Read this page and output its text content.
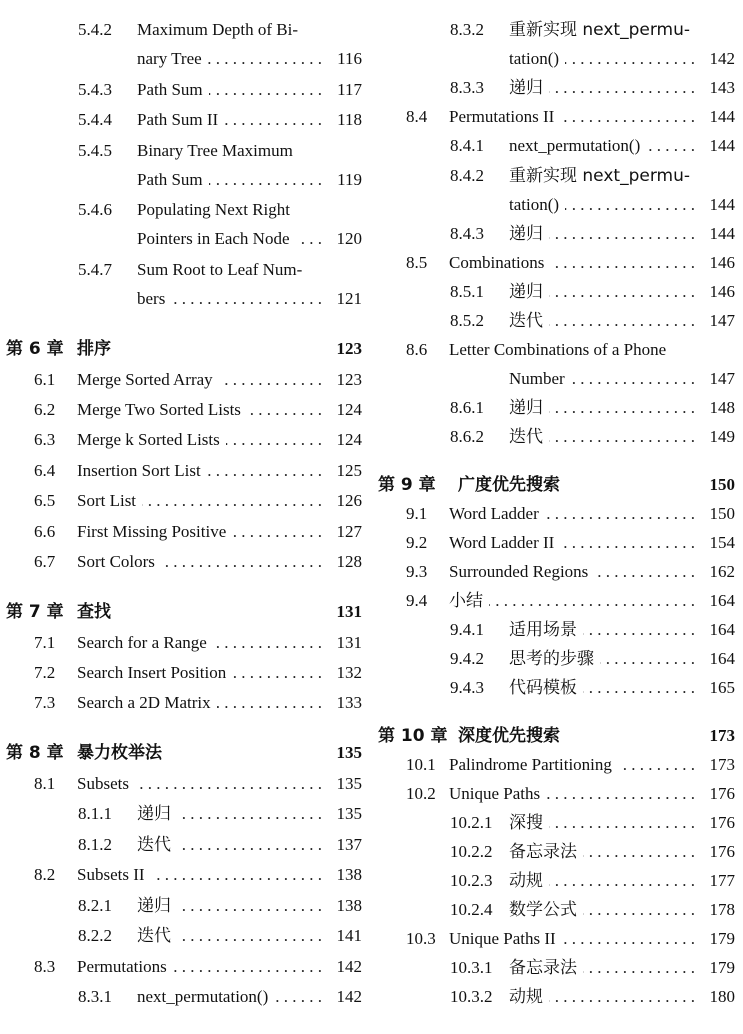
5.4.2 Maximum Depth of Bi-
nary Tree . . .	116
5.4.3 Path Sum . . .	117
5.4.4 Path Sum II . . .	118
5.4.5 Binary Tree Maximum
Path Sum . . .	119
5.4.6 Populating Next Right
Pointers in Each Node . . .	120
5.4.7 Sum Root to Leaf Num-
bers . . .	121
第 6 章 排序	123
6.1 Merge Sorted Array . . .	123
6.2 Merge Two Sorted Lists . . .	124
6.3 Merge k Sorted Lists . . .	124
6.4 Insertion Sort List . . .	125
6.5 Sort List . . .	126
6.6 First Missing Positive . . .	127
6.7 Sort Colors . . .	128
第 7 章 查找	131
7.1 Search for a Range . . .	131
7.2 Search Insert Position . . .	132
7.3 Search a 2D Matrix . . .	133
第 8 章 暴力枚举法	135
8.1 Subsets . . .	135
8.1.1 递归 . . .	135
8.1.2 迭代 . . .	137
8.2 Subsets II . . .	138
8.2.1 递归 . . .	138
8.2.2 迭代 . . .	141
8.3 Permutations . . .	142
8.3.1 next_permutation() . . .	142
8.3.2 重新实现 next_permu-
tation() . . .	142
8.3.3 递归 . . .	143
8.4 Permutations II . . .	144
8.4.1 next_permutation() . . .	144
8.4.2 重新实现 next_permu-
tation() . . .	144
8.4.3 递归 . . .	144
8.5 Combinations . . .	146
8.5.1 递归 . . .	146
8.5.2 迭代 . . .	147
8.6 Letter Combinations of a Phone
Number . . .	147
8.6.1 递归 . . .	148
8.6.2 迭代 . . .	149
第 9 章 广度优先搜索	150
9.1 Word Ladder . . .	150
9.2 Word Ladder II . . .	154
9.3 Surrounded Regions . . .	162
9.4 小结 . . .	164
9.4.1 适用场景 . . .	164
9.4.2 思考的步骤 . . .	164
9.4.3 代码模板 . . .	165
第 10 章 深度优先搜索	173
10.1 Palindrome Partitioning . . .	173
10.2 Unique Paths . . .	176
10.2.1 深搜 . . .	176
10.2.2 备忘录法 . . .	176
10.2.3 动规 . . .	177
10.2.4 数学公式 . . .	178
10.3 Unique Paths II . . .	179
10.3.1 备忘录法 . . .	179
10.3.2 动规 . . .	180
